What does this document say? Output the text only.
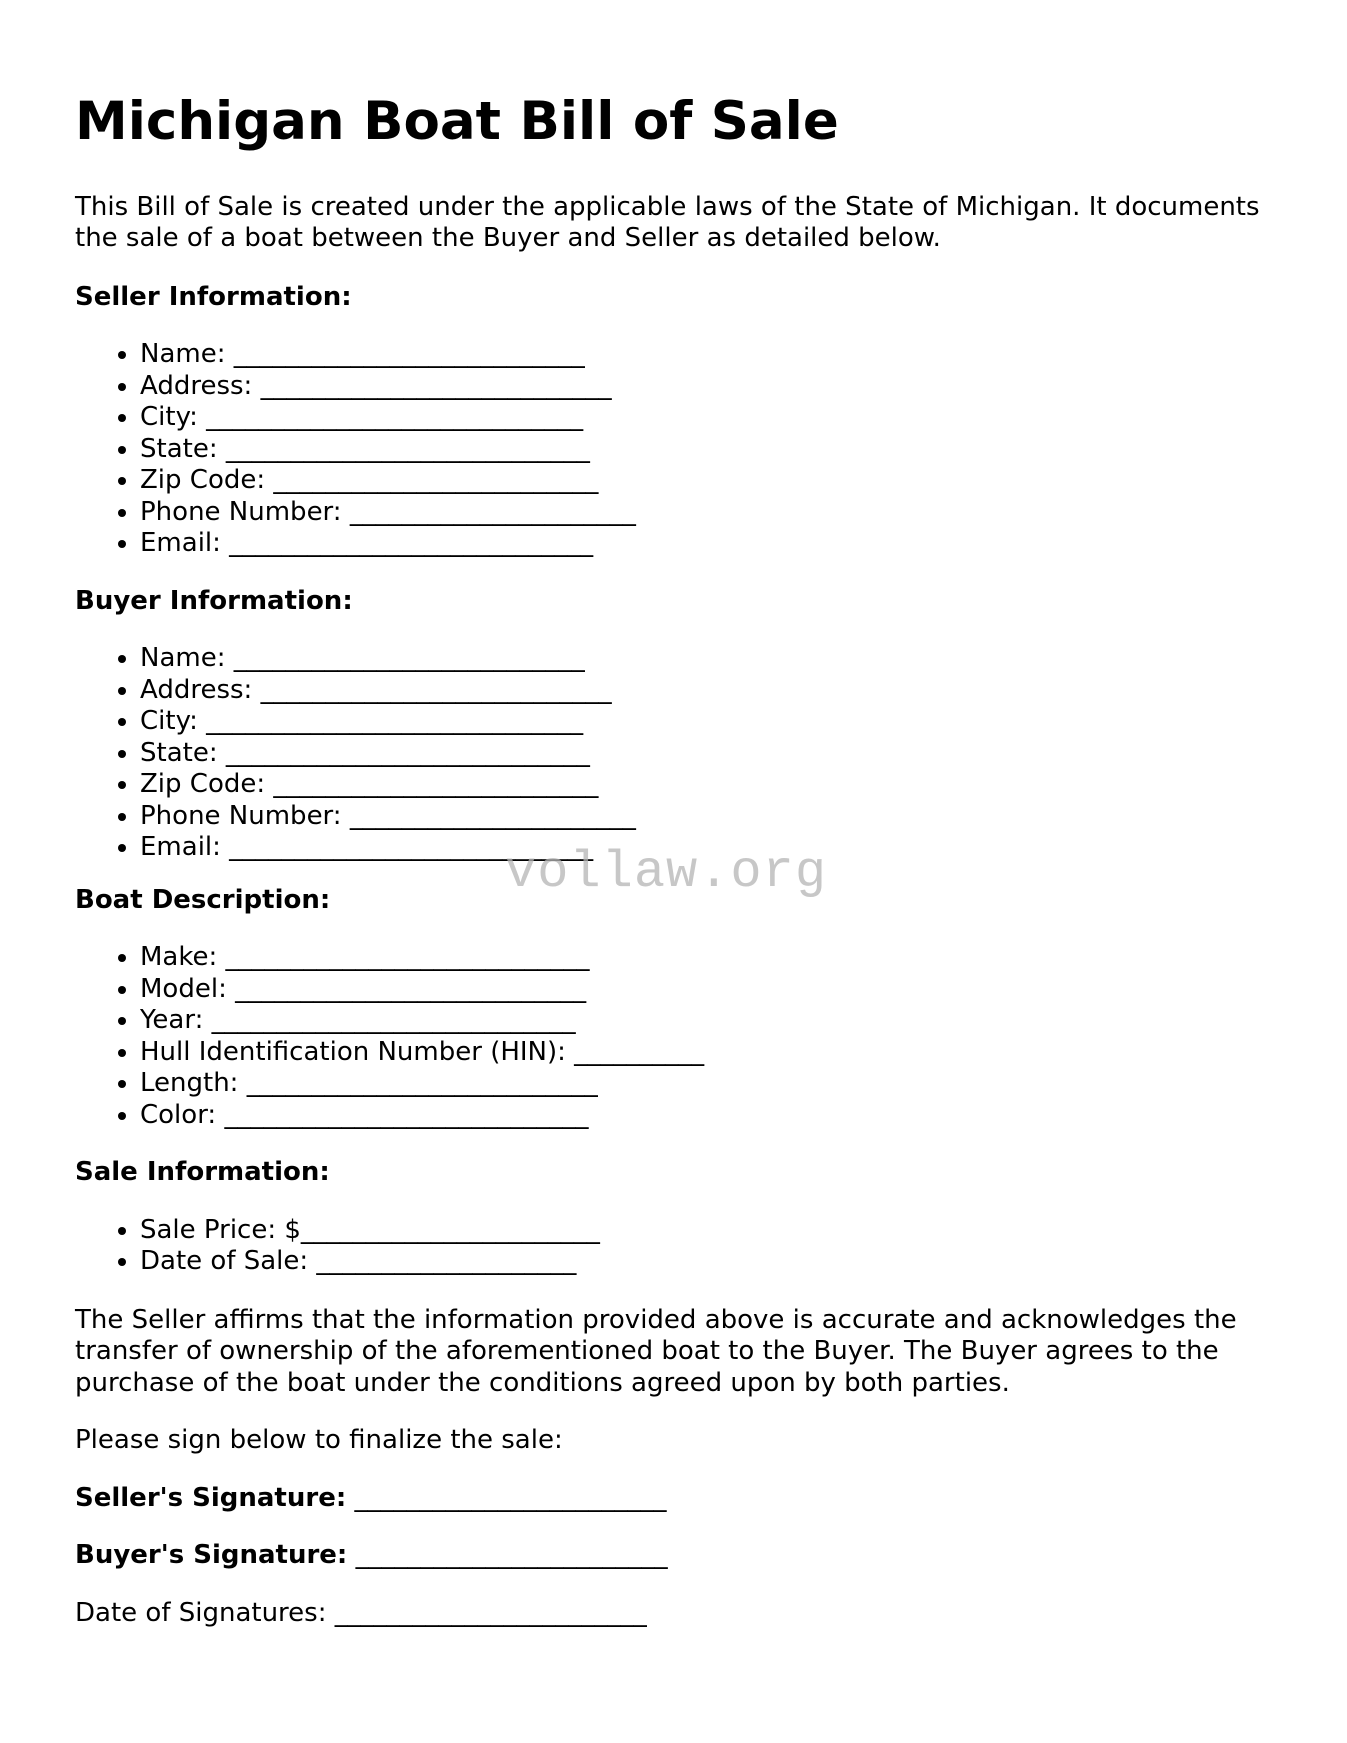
Michigan Boat Bill of Sale

This Bill of Sale is created under the applicable laws of the State of Michigan. It documents the sale of a boat between the Buyer and Seller as detailed below.

Seller Information:
• Name: ___________________________
• Address: ___________________________
• City: _____________________________
• State: ____________________________
• Zip Code: _________________________
• Phone Number: ______________________
• Email: ____________________________
Buyer Information:
• Name: ___________________________
• Address: ___________________________
• City: _____________________________
• State: ____________________________
• Zip Code: _________________________
• Phone Number: ______________________
• Email: ____________________________
Boat Description:
• Make: ____________________________
• Model: ___________________________
• Year: ____________________________
• Hull Identification Number (HIN): __________
• Length: ___________________________
• Color: ____________________________
Sale Information:
• Sale Price: $_______________________
• Date of Sale: ____________________

The Seller affirms that the information provided above is accurate and acknowledges the transfer of ownership of the aforementioned boat to the Buyer. The Buyer agrees to the purchase of the boat under the conditions agreed upon by both parties.

Please sign below to finalize the sale:

Seller's Signature: ________________________

Buyer's Signature: ________________________

Date of Signatures: ________________________

vollaw.org
